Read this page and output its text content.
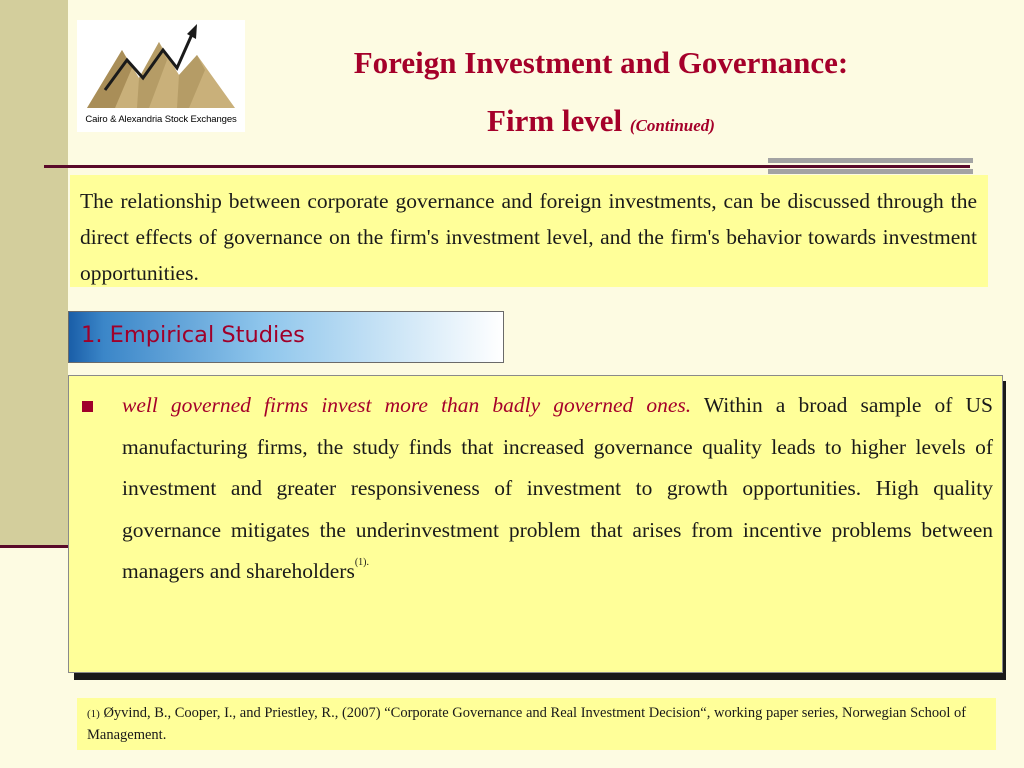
Cairo & Alexandria Stock Exchanges
Foreign Investment and Governance:
Firm level (Continued)

The relationship between corporate governance and foreign investments, can be discussed through the direct effects of governance on the firm's investment level, and the firm's behavior towards investment opportunities.

1. Empirical Studies

well governed firms invest more than badly governed ones. Within a broad sample of US manufacturing firms, the study finds that increased governance quality leads to higher levels of investment and greater responsiveness of investment to growth opportunities. High quality governance mitigates the underinvestment problem that arises from incentive problems between managers and shareholders$^{(1).}$

(1) Øyvind, B., Cooper, I., and Priestley, R., (2007) “Corporate Governance and Real Investment Decision“, working paper series, Norwegian School of Management.
